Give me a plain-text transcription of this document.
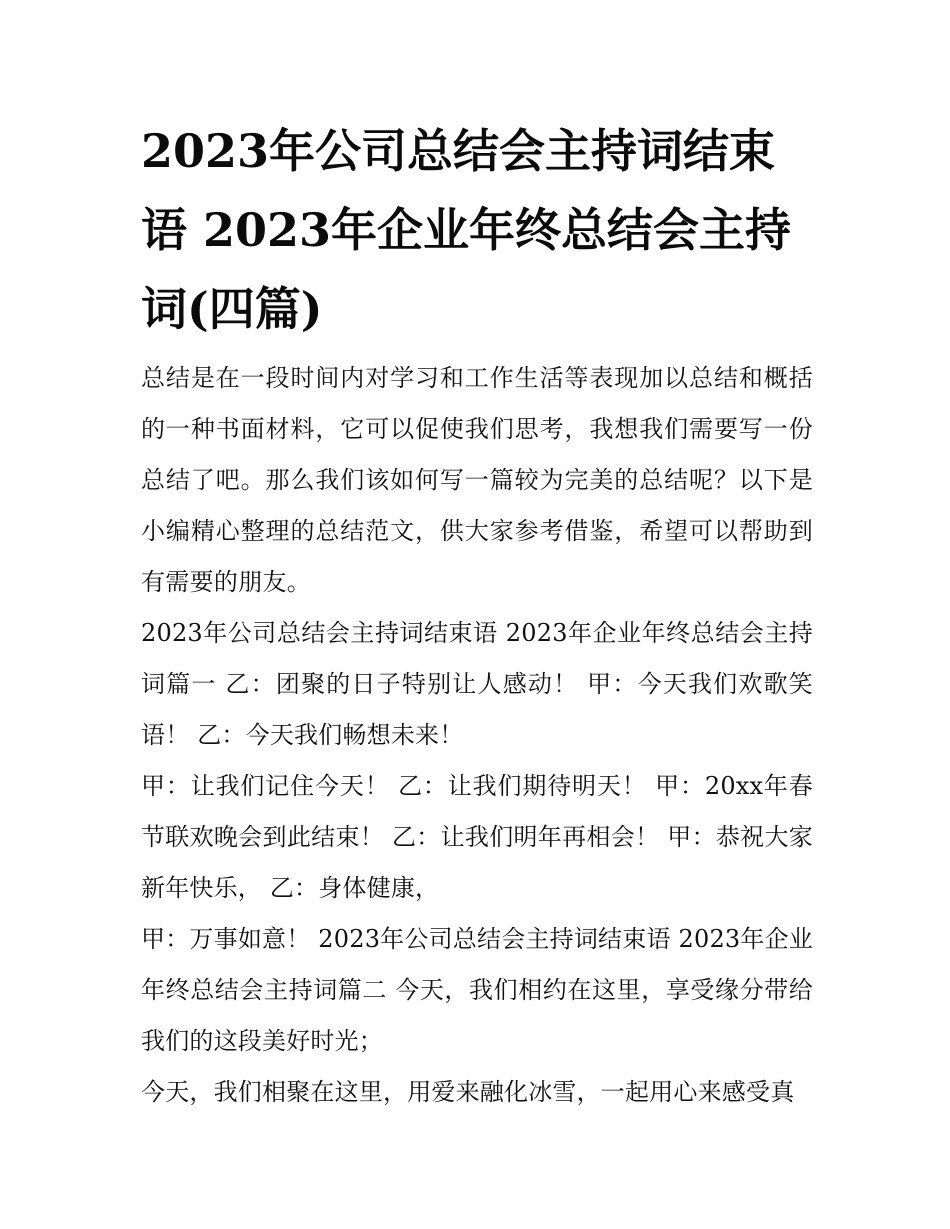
2023年公司总结会主持词结束语 2023年企业年终总结会主持词(四篇)
总结是在一段时间内对学习和工作生活等表现加以总结和概括的一种书面材料，它可以促使我们思考，我想我们需要写一份总结了吧。那么我们该如何写一篇较为完美的总结呢？以下是小编精心整理的总结范文，供大家参考借鉴，希望可以帮助到有需要的朋友。

2023年公司总结会主持词结束语 2023年企业年终总结会主持词篇一 乙：团聚的日子特别让人感动！ 甲：今天我们欢歌笑语！ 乙：今天我们畅想未来！

甲：让我们记住今天！ 乙：让我们期待明天！ 甲：20xx年春节联欢晚会到此结束！ 乙：让我们明年再相会！ 甲：恭祝大家新年快乐， 乙：身体健康，

甲：万事如意！ 2023年公司总结会主持词结束语 2023年企业年终总结会主持词篇二 今天，我们相约在这里，享受缘分带给我们的这段美好时光；

今天，我们相聚在这里，用爱来融化冰雪，一起用心来感受真
